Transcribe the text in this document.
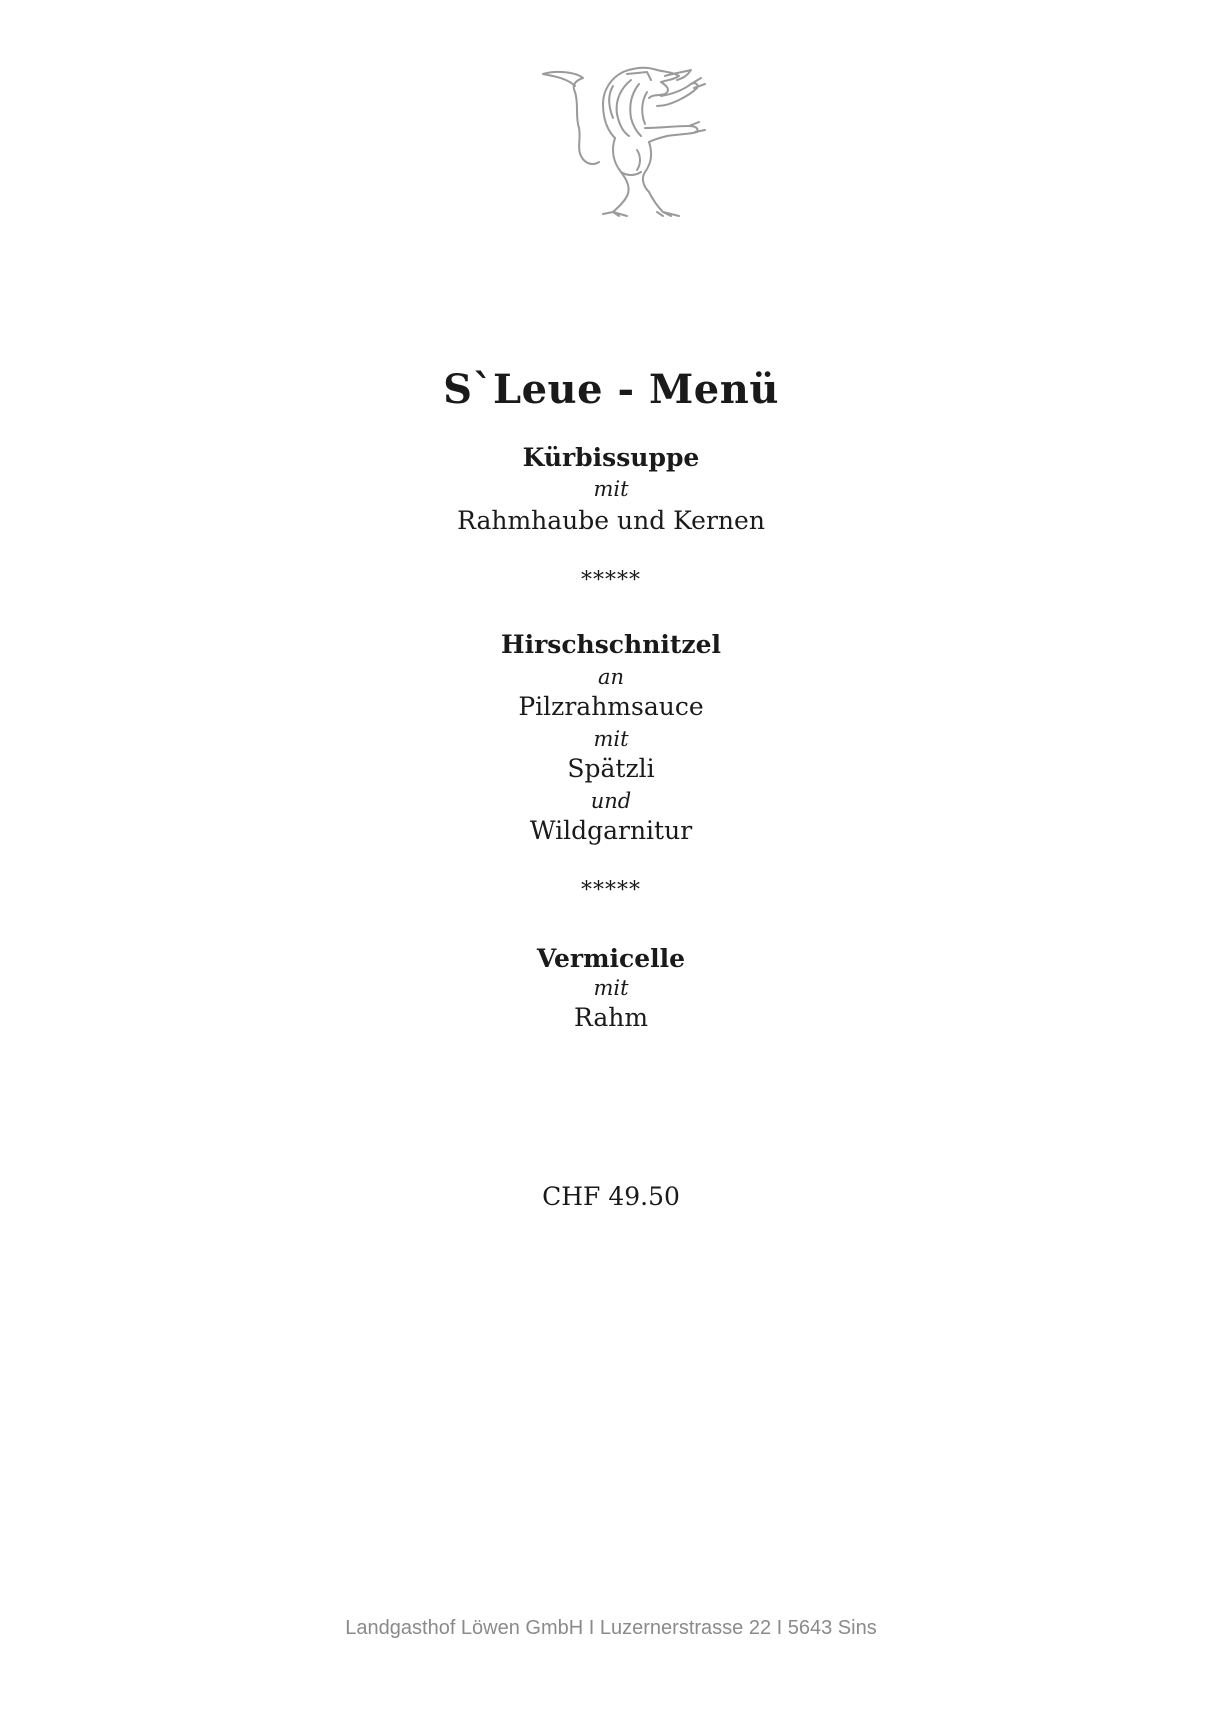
S`Leue - Menü
Kürbissuppe
mit
Rahmhaube und Kernen
*****
Hirschschnitzel
an
Pilzrahmsauce
mit
Spätzli
und
Wildgarnitur
*****
Vermicelle
mit
Rahm
CHF 49.50
Landgasthof Löwen GmbH I Luzernerstrasse 22 I 5643 Sins
